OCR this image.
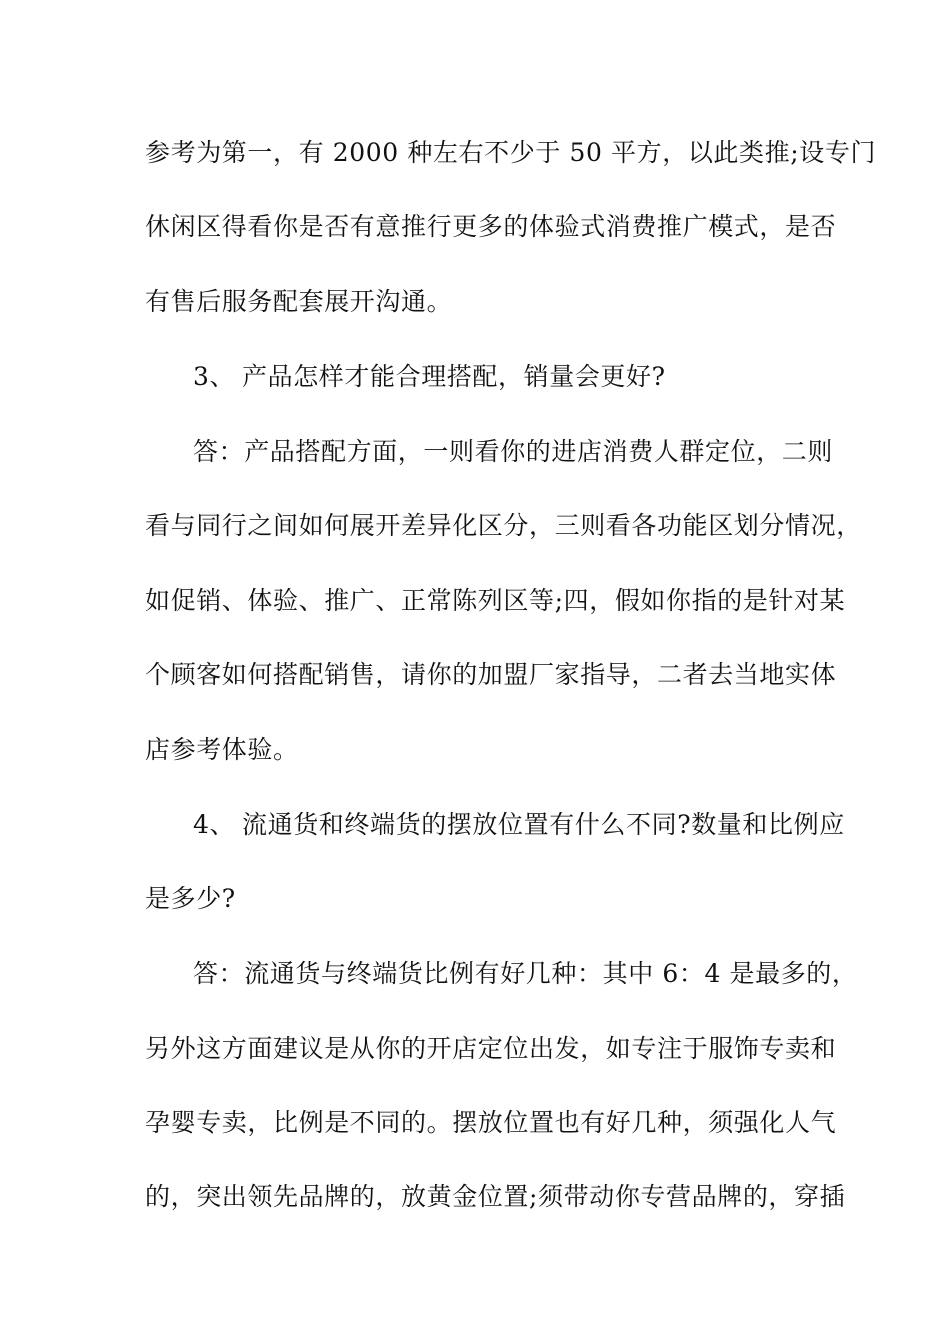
参考为第一，有 2000 种左右不少于 50 平方，以此类推;设专门
休闲区得看你是否有意推行更多的体验式消费推广模式，是否
有售后服务配套展开沟通。
3、 产品怎样才能合理搭配，销量会更好?
答：产品搭配方面，一则看你的进店消费人群定位，二则
看与同行之间如何展开差异化区分，三则看各功能区划分情况，
如促销、体验、推广、正常陈列区等;四，假如你指的是针对某
个顾客如何搭配销售，请你的加盟厂家指导，二者去当地实体
店参考体验。
4、 流通货和终端货的摆放位置有什么不同?数量和比例应
是多少?
答：流通货与终端货比例有好几种：其中 6：4 是最多的，
另外这方面建议是从你的开店定位出发，如专注于服饰专卖和
孕婴专卖，比例是不同的。摆放位置也有好几种，须强化人气
的，突出领先品牌的，放黄金位置;须带动你专营品牌的，穿插
